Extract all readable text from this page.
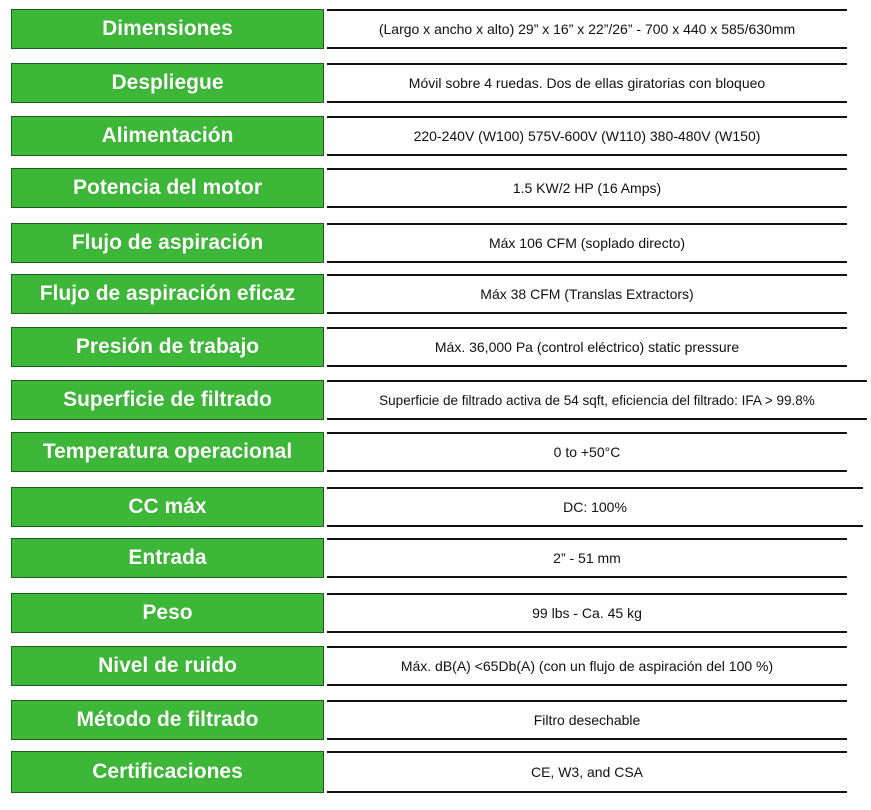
Dimensiones	(Largo x ancho x alto) 29” x 16” x 22”/26” - 700 x 440 x 585/630mm
Despliegue	Móvil sobre 4 ruedas. Dos de ellas giratorias con bloqueo
Alimentación	220-240V (W100) 575V-600V (W110) 380-480V (W150)
Potencia del motor	1.5 KW/2 HP (16 Amps)
Flujo de aspiración	Máx 106 CFM (soplado directo)
Flujo de aspiración eficaz	Máx 38 CFM (Translas Extractors)
Presión de trabajo	Máx. 36,000 Pa (control eléctrico) static pressure
Superficie de filtrado	Superficie de filtrado activa de 54 sqft, eficiencia del filtrado: IFA > 99.8%
Temperatura operacional	0 to +50°C
CC máx	DC: 100%
Entrada	2” - 51 mm
Peso	99 lbs - Ca. 45 kg
Nivel de ruido	Máx. dB(A) <65Db(A) (con un flujo de aspiración del 100 %)
Método de filtrado	Filtro desechable
Certificaciones	CE, W3, and CSA
